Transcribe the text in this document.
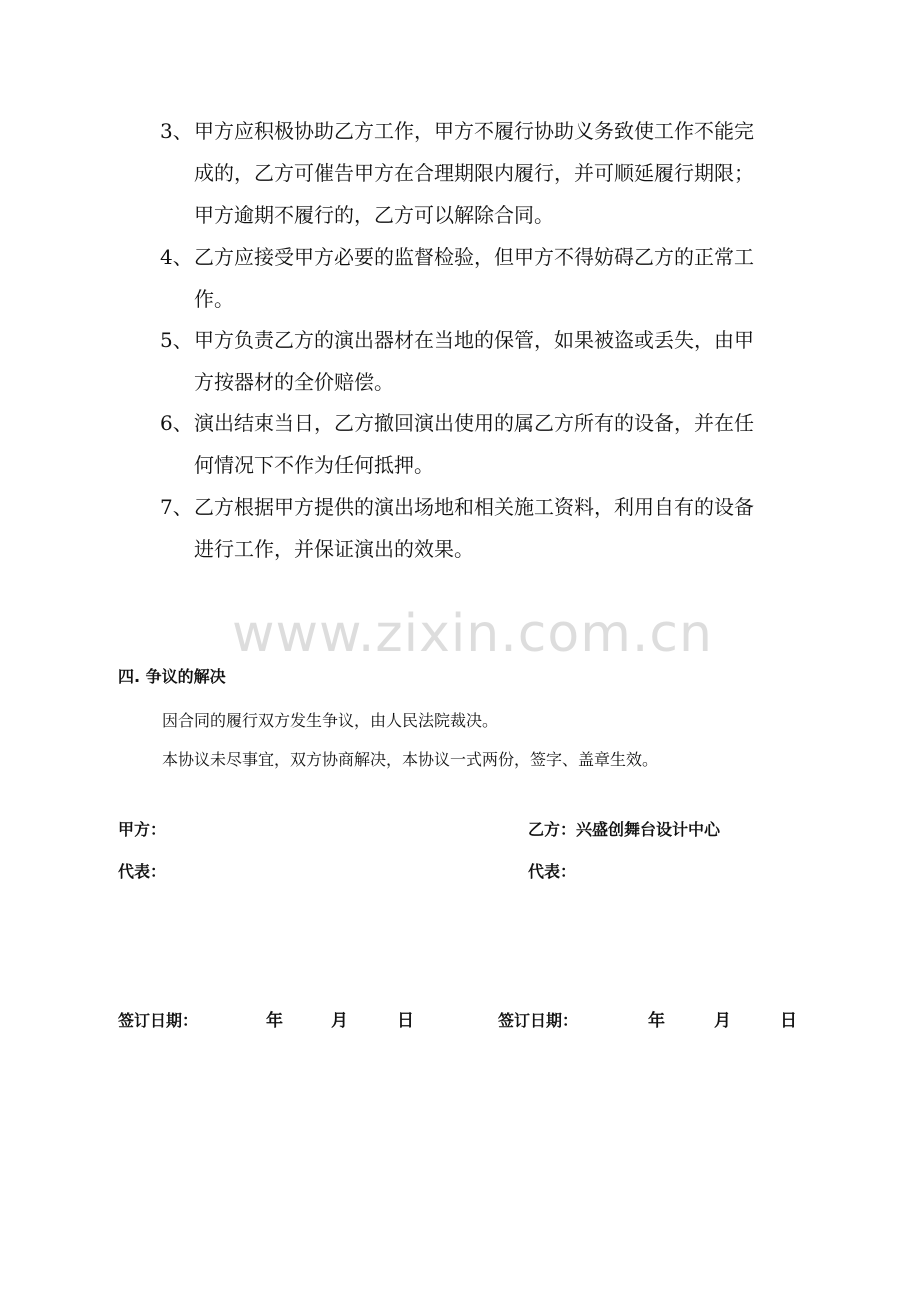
3、 甲方应积极协助乙方工作，甲方不履行协助义务致使工作不能完
成的，乙方可催告甲方在合理期限内履行，并可顺延履行期限；
甲方逾期不履行的，乙方可以解除合同。
4、 乙方应接受甲方必要的监督检验，但甲方不得妨碍乙方的正常工
作。
5、 甲方负责乙方的演出器材在当地的保管，如果被盗或丢失，由甲
方按器材的全价赔偿。
6、 演出结束当日，乙方撤回演出使用的属乙方所有的设备，并在任
何情况下不作为任何抵押。
7、 乙方根据甲方提供的演出场地和相关施工资料，利用自有的设备
进行工作，并保证演出的效果。
www.zixin.com.cn
四. 争议的解决
因合同的履行双方发生争议，由人民法院裁决。
本协议未尽事宜，双方协商解决，本协议一式两份，签字、盖章生效。
甲方：	乙方：兴盛创舞台设计中心
代表：	代表：
签订日期：	年	月	日	签订日期：	年	月	日
